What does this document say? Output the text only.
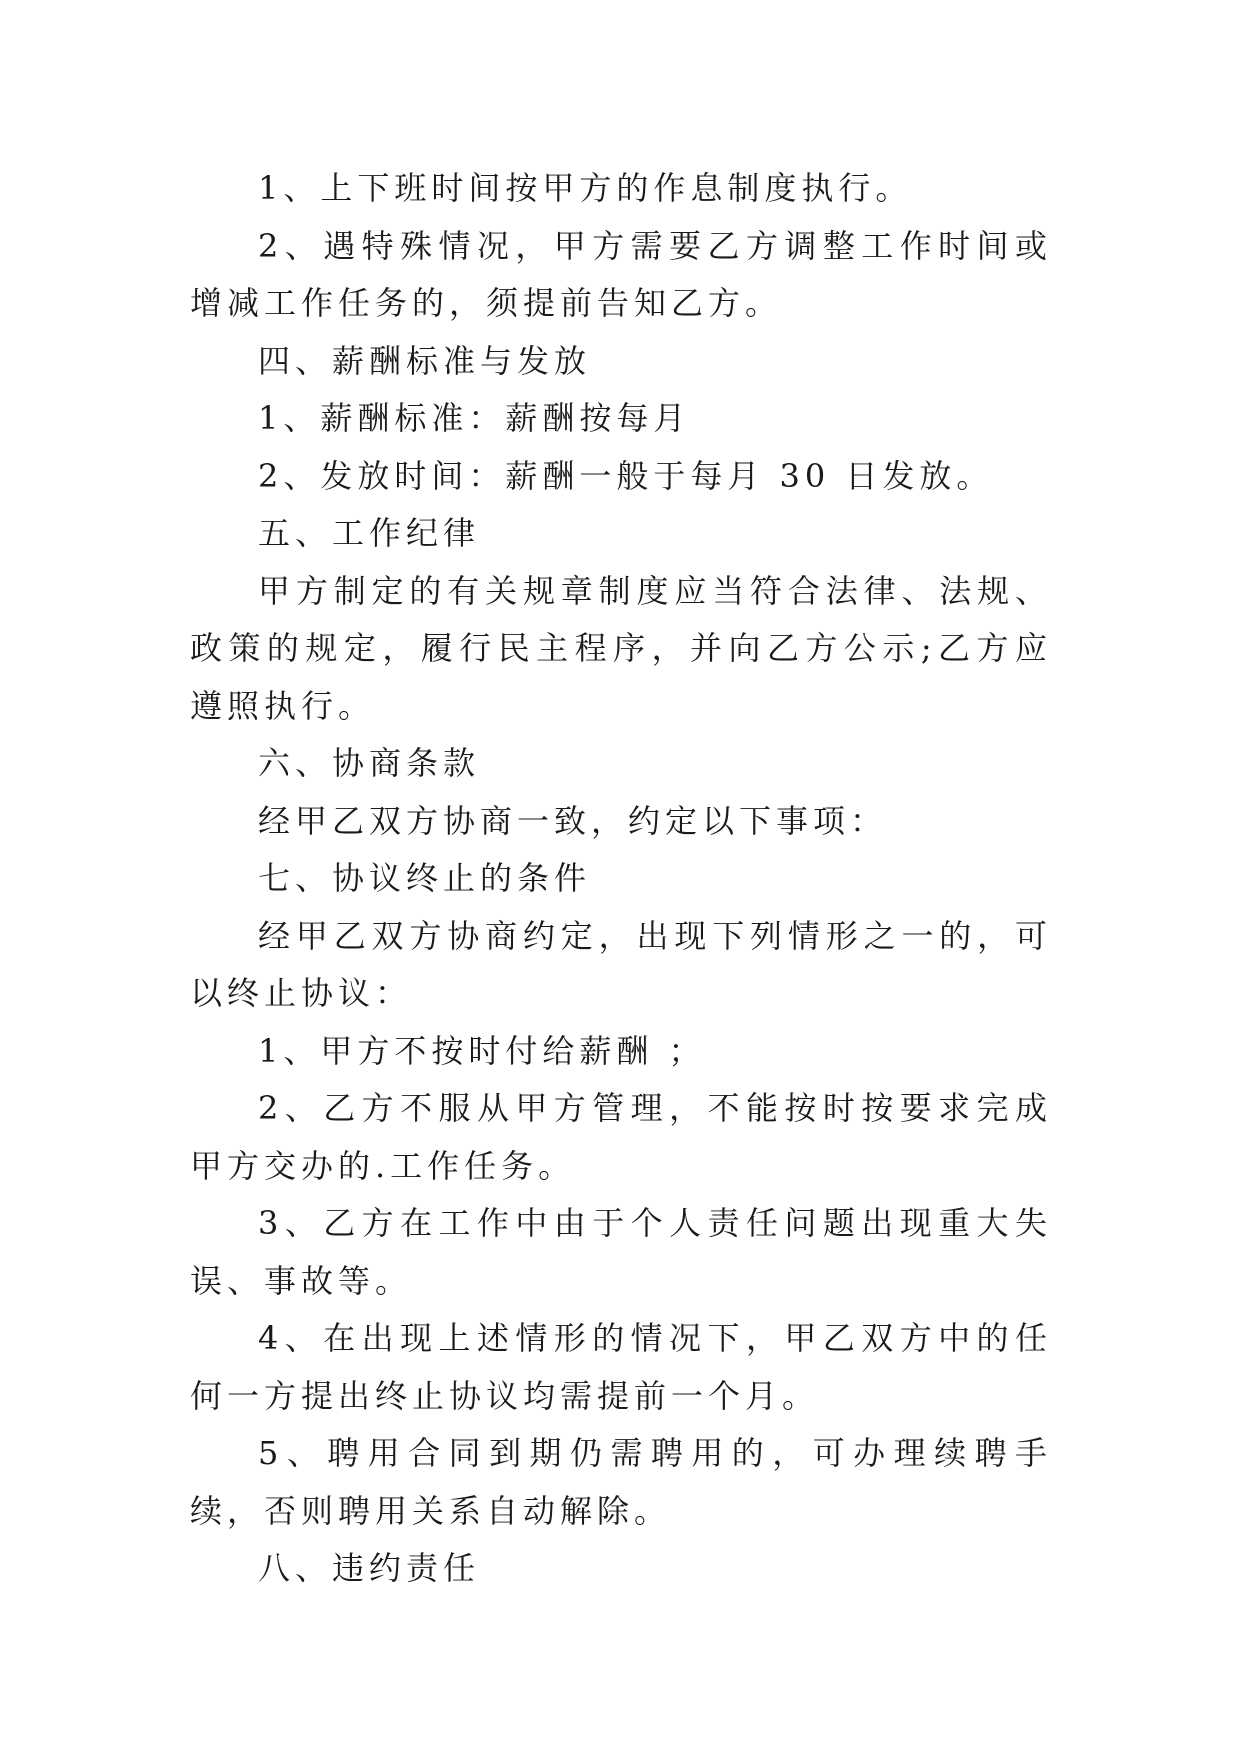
1、上下班时间按甲方的作息制度执行。

2、遇特殊情况，甲方需要乙方调整工作时间或增减工作任务的，须提前告知乙方。

四、薪酬标准与发放

1、薪酬标准：薪酬按每月

2、发放时间：薪酬一般于每月 30 日发放。

五、工作纪律

甲方制定的有关规章制度应当符合法律、法规、政策的规定，履行民主程序，并向乙方公示;乙方应遵照执行。

六、协商条款

经甲乙双方协商一致，约定以下事项：

七、协议终止的条件

经甲乙双方协商约定，出现下列情形之一的，可以终止协议：

1、甲方不按时付给薪酬 ；

2、乙方不服从甲方管理，不能按时按要求完成甲方交办的.工作任务。

3、乙方在工作中由于个人责任问题出现重大失误、事故等。

4、在出现上述情形的情况下，甲乙双方中的任何一方提出终止协议均需提前一个月。

5、聘用合同到期仍需聘用的，可办理续聘手续，否则聘用关系自动解除。

八、违约责任
